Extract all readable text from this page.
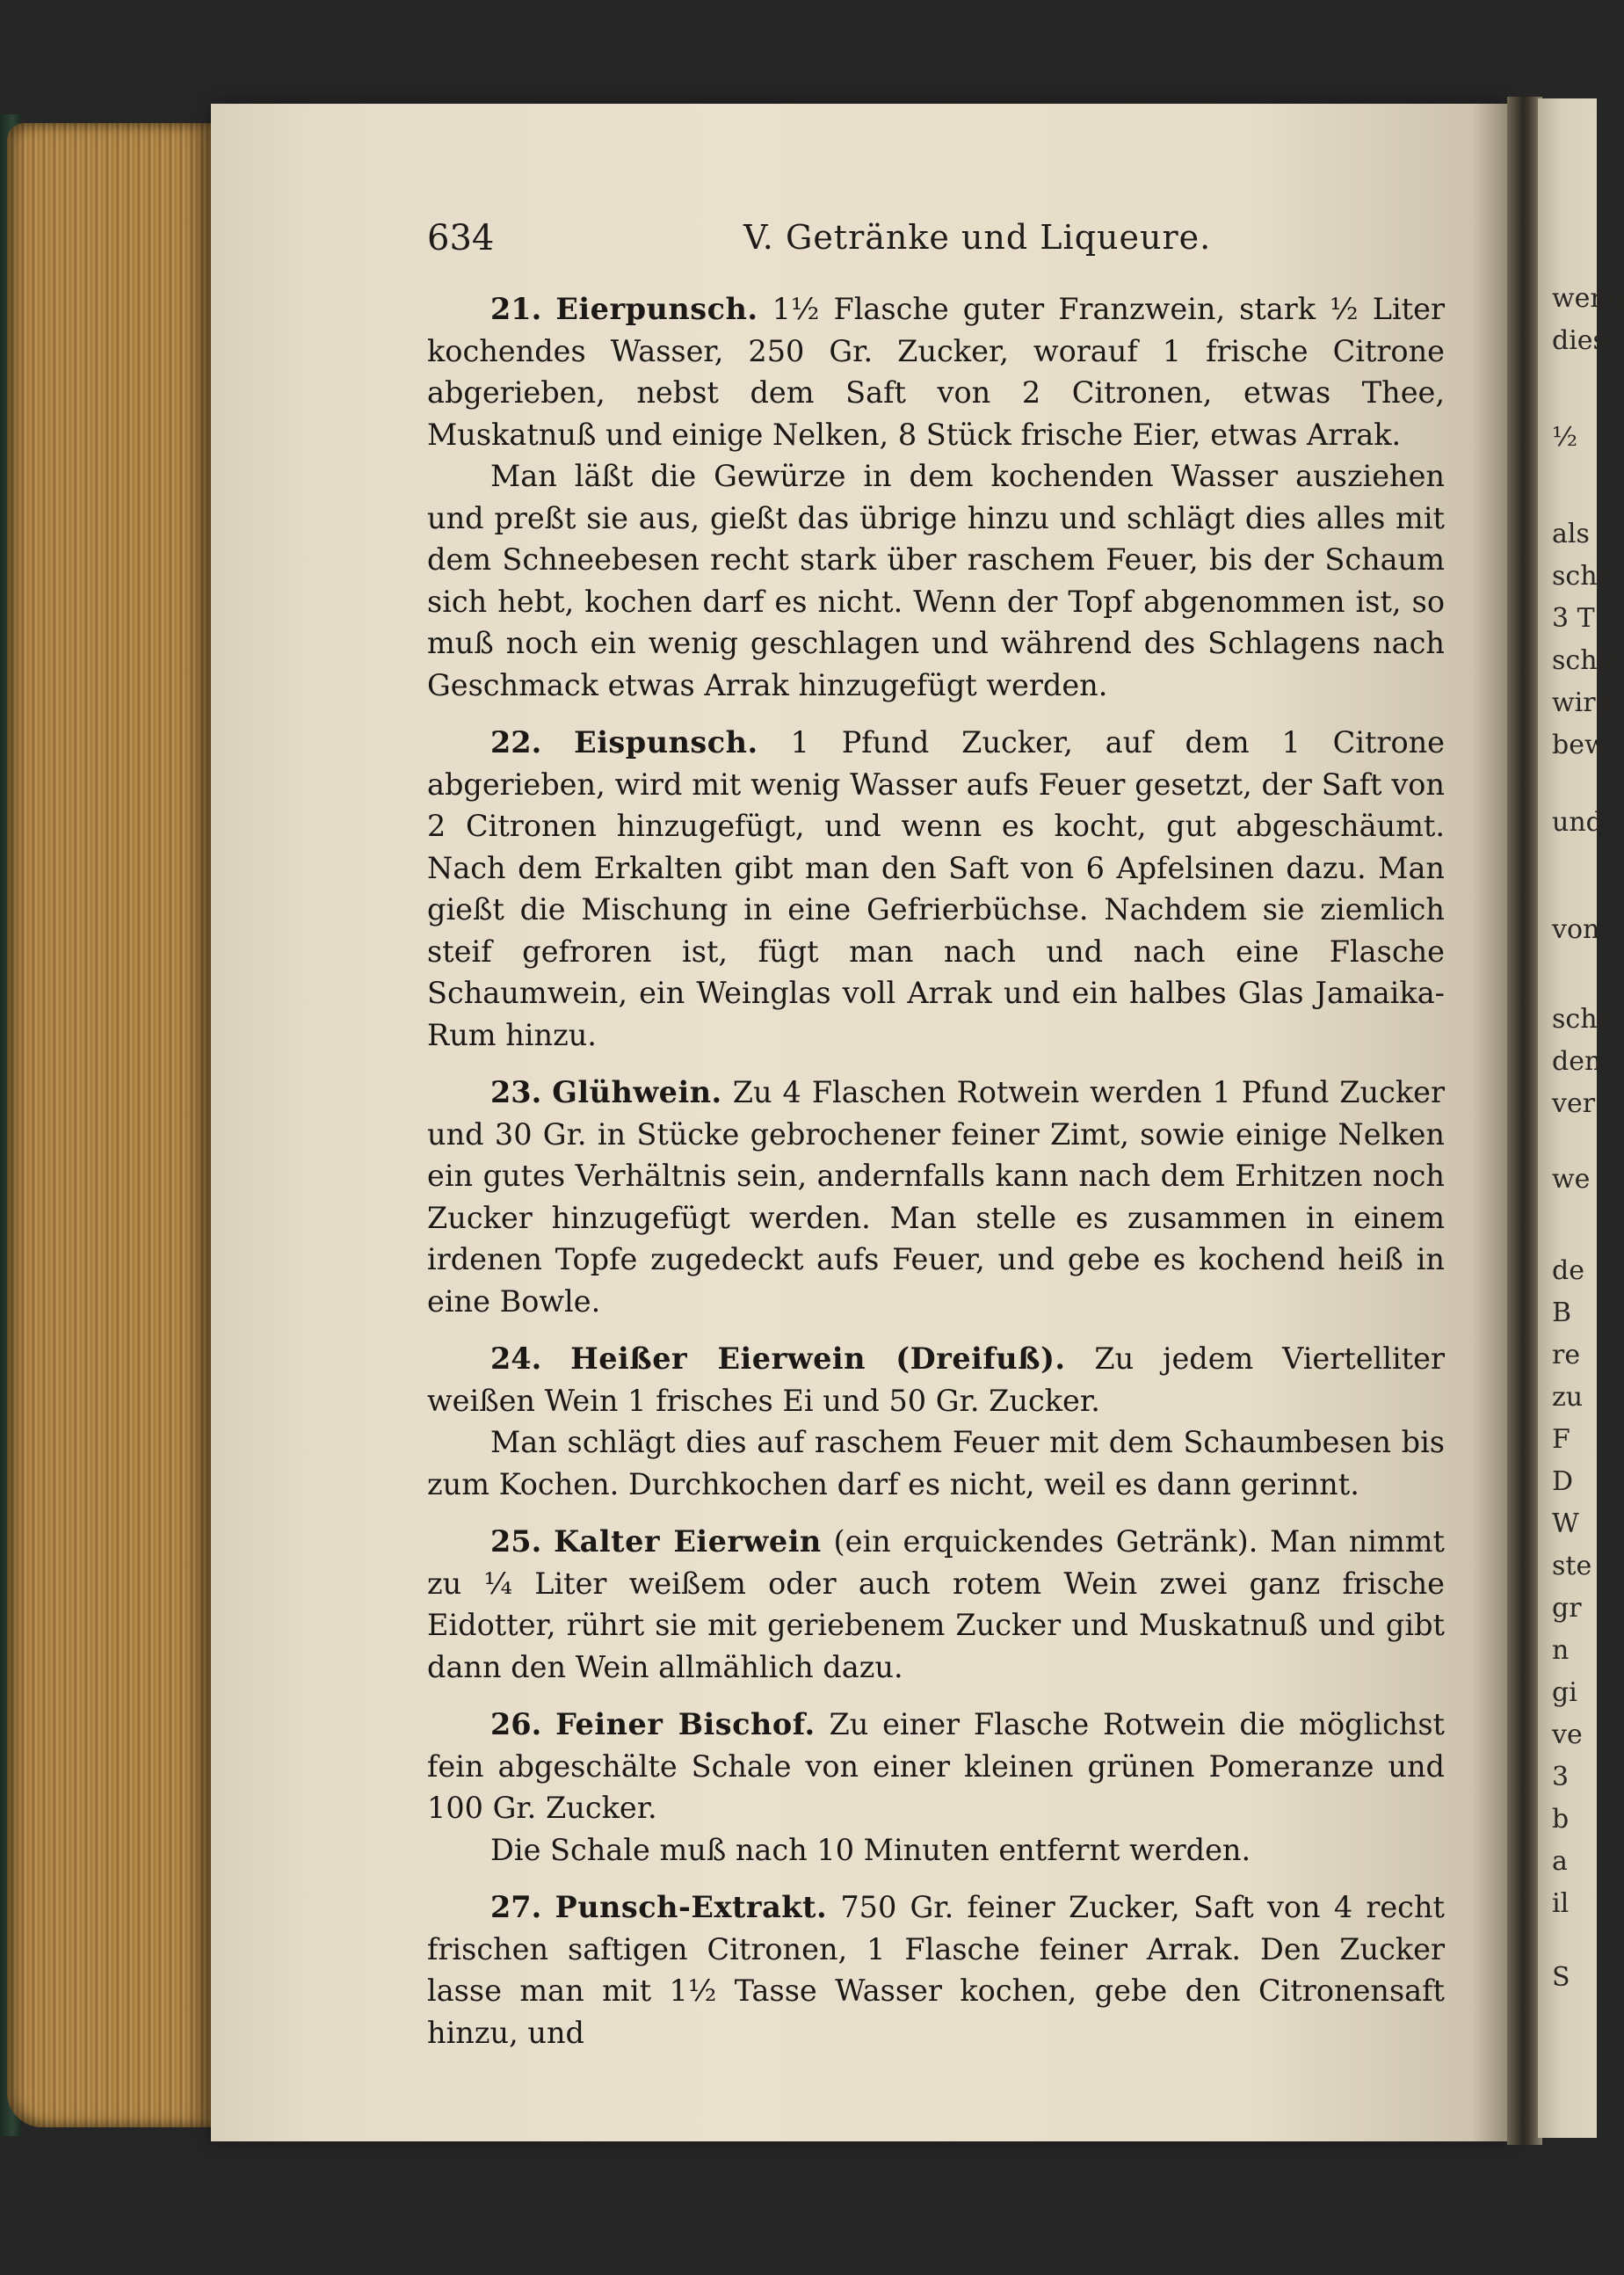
634	V. Getränke und Liqueure.

21. Eierpunsch. 1½ Flasche guter Franzwein, stark ½ Liter kochendes Wasser, 250 Gr. Zucker, worauf 1 frische Citrone abgerieben, nebst dem Saft von 2 Citronen, etwas Thee, Muskatnuß und einige Nelken, 8 Stück frische Eier, etwas Arrak.

Man läßt die Gewürze in dem kochenden Wasser ausziehen und preßt sie aus, gießt das übrige hinzu und schlägt dies alles mit dem Schneebesen recht stark über raschem Feuer, bis der Schaum sich hebt, kochen darf es nicht. Wenn der Topf abgenommen ist, so muß noch ein wenig geschlagen und während des Schlagens nach Geschmack etwas Arrak hinzugefügt werden.

22. Eispunsch. 1 Pfund Zucker, auf dem 1 Citrone abgerieben, wird mit wenig Wasser aufs Feuer gesetzt, der Saft von 2 Citronen hinzugefügt, und wenn es kocht, gut abgeschäumt. Nach dem Erkalten gibt man den Saft von 6 Apfelsinen dazu. Man gießt die Mischung in eine Gefrierbüchse. Nachdem sie ziemlich steif gefroren ist, fügt man nach und nach eine Flasche Schaumwein, ein Weinglas voll Arrak und ein halbes Glas Jamaika-Rum hinzu.

23. Glühwein. Zu 4 Flaschen Rotwein werden 1 Pfund Zucker und 30 Gr. in Stücke gebrochener feiner Zimt, sowie einige Nelken ein gutes Verhältnis sein, andernfalls kann nach dem Erhitzen noch Zucker hinzugefügt werden. Man stelle es zusammen in einem irdenen Topfe zugedeckt aufs Feuer, und gebe es kochend heiß in eine Bowle.

24. Heißer Eierwein (Dreifuß). Zu jedem Viertelliter weißen Wein 1 frisches Ei und 50 Gr. Zucker.

Man schlägt dies auf raschem Feuer mit dem Schaumbesen bis zum Kochen. Durchkochen darf es nicht, weil es dann gerinnt.

25. Kalter Eierwein (ein erquickendes Getränk). Man nimmt zu ¼ Liter weißem oder auch rotem Wein zwei ganz frische Eidotter, rührt sie mit geriebenem Zucker und Muskatnuß und gibt dann den Wein allmählich dazu.

26. Feiner Bischof. Zu einer Flasche Rotwein die möglichst fein abgeschälte Schale von einer kleinen grünen Pomeranze und 100 Gr. Zucker.

Die Schale muß nach 10 Minuten entfernt werden.

27. Punsch-Extrakt. 750 Gr. feiner Zucker, Saft von 4 recht frischen saftigen Citronen, 1 Flasche feiner Arrak. Den Zucker lasse man mit 1½ Tasse Wasser kochen, gebe den Citronensaft hinzu, und

wenn
diese
½
als
schn
3 T
schla
wird
bew
und
von
schr
den
ver
we
de
B
re
zu
F
D
W
ste
gr
n
gi
ve
3
b
a
il
S
